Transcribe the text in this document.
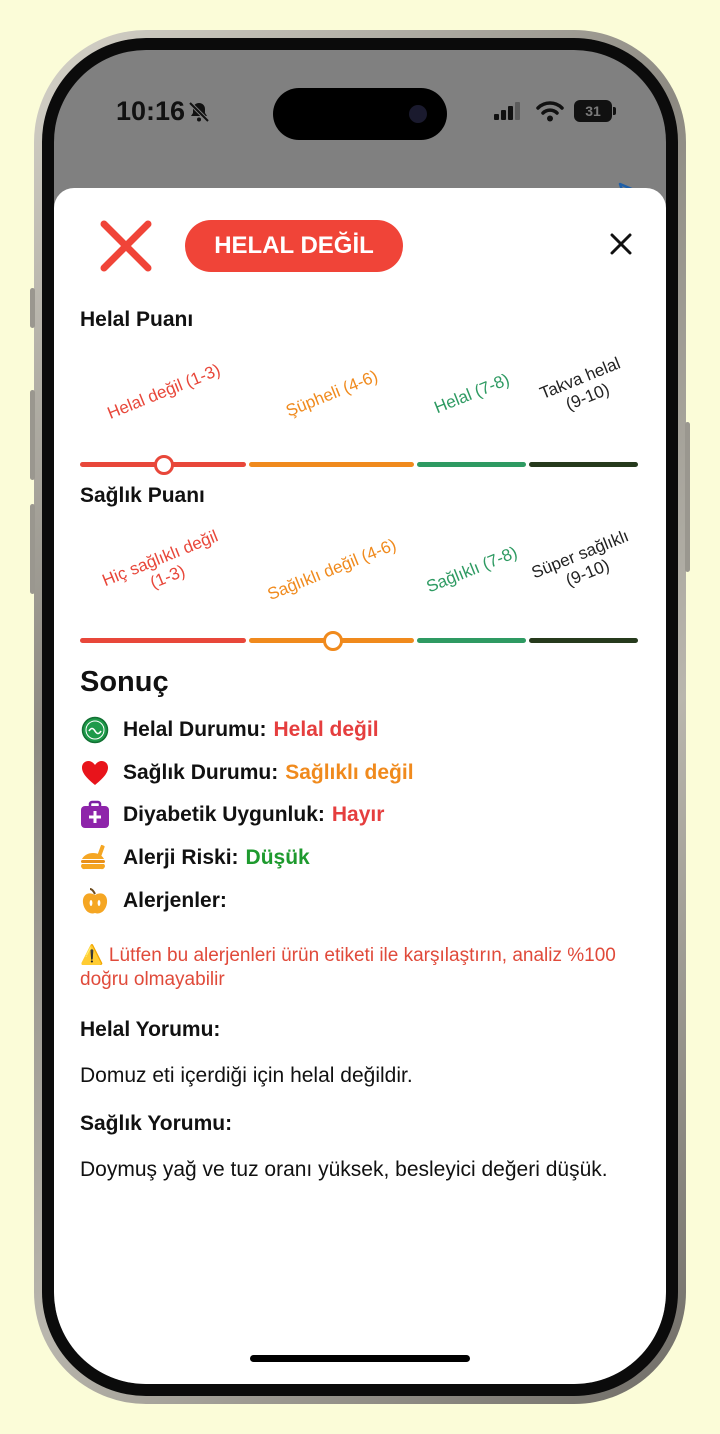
10:16	31
HELAL DEĞİL
Helal Puanı
Helal değil (1-3)	Şüpheli (4-6)	Helal (7-8) Takva helal
(9-10)
Sağlık Puanı
Hiç sağlıklı değil
(1-3)	Sağlıklı değil (4-6) Sağlıklı (7-8) Süper sağlıklı
(9-10)
Sonuç
Helal Durumu: Helal değil
Sağlık Durumu: Sağlıklı değil
Diyabetik Uygunluk: Hayır
Alerji Riski: Düşük
Alerjenler:
⚠️ Lütfen bu alerjenleri ürün etiketi ile karşılaştırın, analiz %100 doğru olmayabilir
Helal Yorumu:
Domuz eti içerdiği için helal değildir.
Sağlık Yorumu:
Doymuş yağ ve tuz oranı yüksek, besleyici değeri düşük.
